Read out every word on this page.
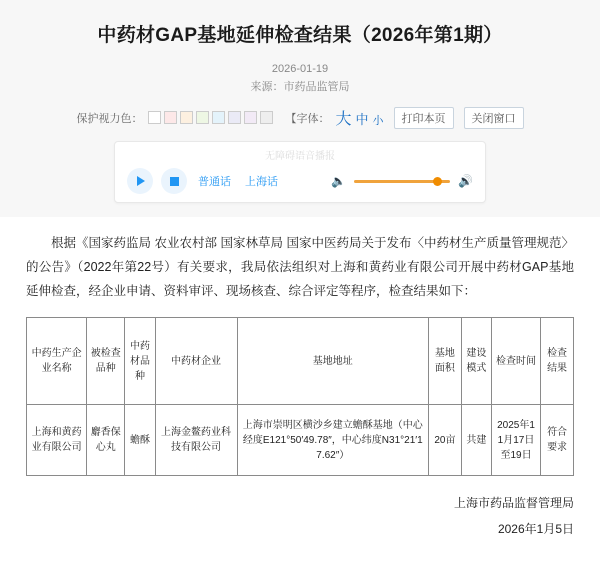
中药材GAP基地延伸检查结果（2026年第1期）
2026-01-19
来源：市药品监管局
保护视力色：	【字体： 大 中 小	打印本页	关闭窗口
无障碍语音播报
普通话 上海话	🔈	🔊
根据《国家药监局 农业农村部 国家林草局 国家中医药局关于发布〈中药材生产质量管理规范〉的公告》（2022年第22号）有关要求，我局依法组织对上海和黄药业有限公司开展中药材GAP基地延伸检查，经企业申请、资料审评、现场核查、综合评定等程序，检查结果如下：
中药生产企业名称	被检查品种	中药材品种	中药材企业	基地地址	基地面积	建设模式	检查时间	检查结果
上海和黄药业有限公司	麝香保心丸	蟾酥	上海金鳌药业科技有限公司	上海市崇明区横沙乡建立蟾酥基地（中心经度E121°50′49.78″，中心纬度N31°21′17.62″）	20亩	共建	2025年11月17日至19日	符合要求
上海市药品监督管理局
2026年1月5日
